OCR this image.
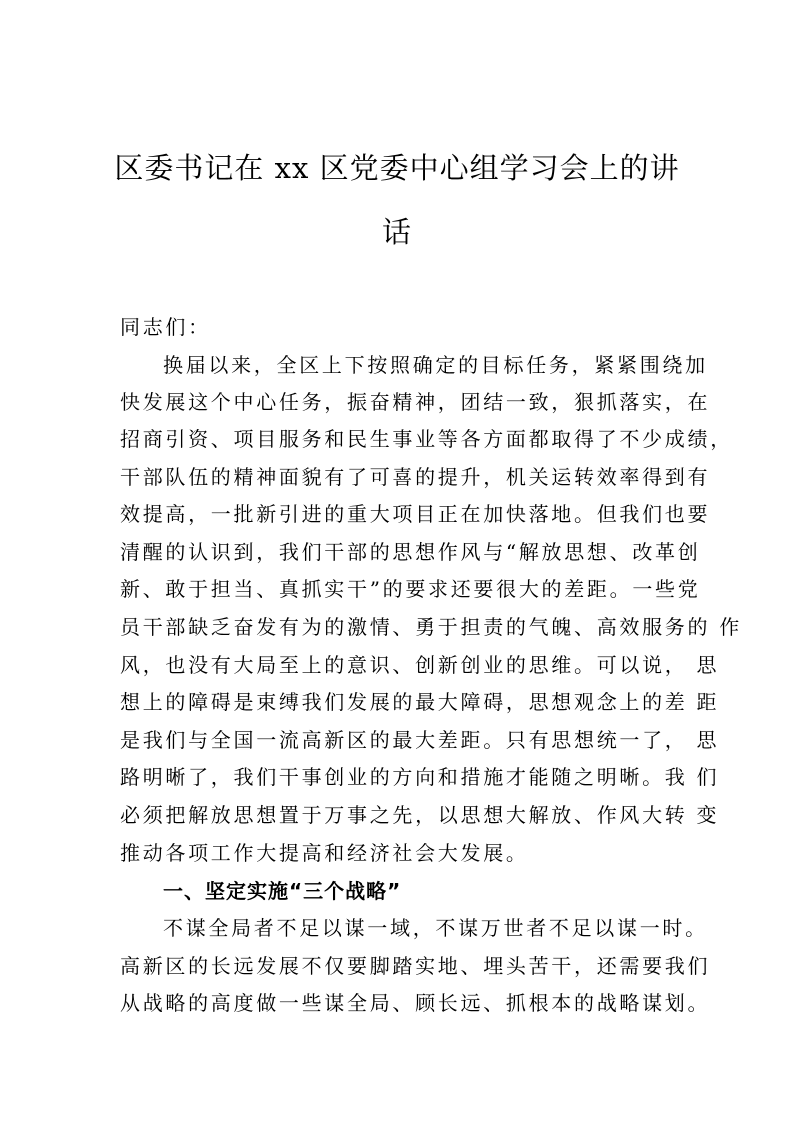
区委书记在 xx 区党委中心组学习会上的讲
话
同志们：
换届以来，全区上下按照确定的目标任务，紧紧围绕加
快发展这个中心任务，振奋精神，团结一致，狠抓落实，在
招商引资、项目服务和民生事业等各方面都取得了不少成绩，
干部队伍的精神面貌有了可喜的提升，机关运转效率得到有
效提高，一批新引进的重大项目正在加快落地。但我们也要
清醒的认识到，我们干部的思想作风与“解放思想、改革创
新、敢于担当、真抓实干”的要求还要很大的差距。一些党
员干部缺乏奋发有为的激情、勇于担责的气魄、高效服务的 作
风，也没有大局至上的意识、创新创业的思维。可以说， 思
想上的障碍是束缚我们发展的最大障碍，思想观念上的差 距
是我们与全国一流高新区的最大差距。只有思想统一了， 思
路明晰了，我们干事创业的方向和措施才能随之明晰。我 们
必须把解放思想置于万事之先，以思想大解放、作风大转 变
推动各项工作大提高和经济社会大发展。
一、坚定实施“三个战略”
不谋全局者不足以谋一域，不谋万世者不足以谋一时。
高新区的长远发展不仅要脚踏实地、埋头苦干，还需要我们
从战略的高度做一些谋全局、顾长远、抓根本的战略谋划。
